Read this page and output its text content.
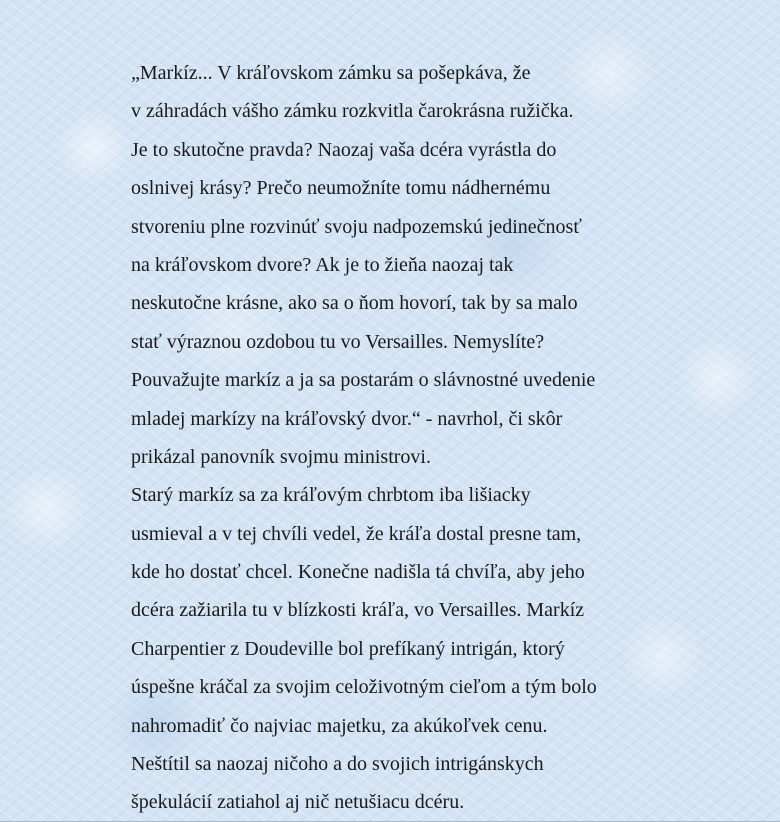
„Markíz... V kráľovskom zámku sa pošepkáva, že
v záhradách vášho zámku rozkvitla čarokrásna ružička.
Je to skutočne pravda? Naozaj vaša dcéra vyrástla do
oslnivej krásy? Prečo neumožníte tomu nádhernému
stvoreniu plne rozvinúť svoju nadpozemskú jedinečnosť
na kráľovskom dvore? Ak je to žieňa naozaj tak
neskutočne krásne, ako sa o ňom hovorí, tak by sa malo
stať výraznou ozdobou tu vo Versailles. Nemyslíte?
Pouvažujte markíz a ja sa postarám o slávnostné uvedenie
mladej markízy na kráľovský dvor.“ - navrhol, či skôr
prikázal panovník svojmu ministrovi.
Starý markíz sa za kráľovým chrbtom iba lišiacky
usmieval a v tej chvíli vedel, že kráľa dostal presne tam,
kde ho dostať chcel. Konečne nadišla tá chvíľa, aby jeho
dcéra zažiarila tu v blízkosti kráľa, vo Versailles. Markíz
Charpentier z Doudeville bol prefíkaný intrigán, ktorý
úspešne kráčal za svojim celoživotným cieľom a tým bolo
nahromadiť čo najviac majetku, za akúkoľvek cenu.
Neštítil sa naozaj ničoho a do svojich intrigánskych
špekulácií zatiahol aj nič netušiacu dcéru.
